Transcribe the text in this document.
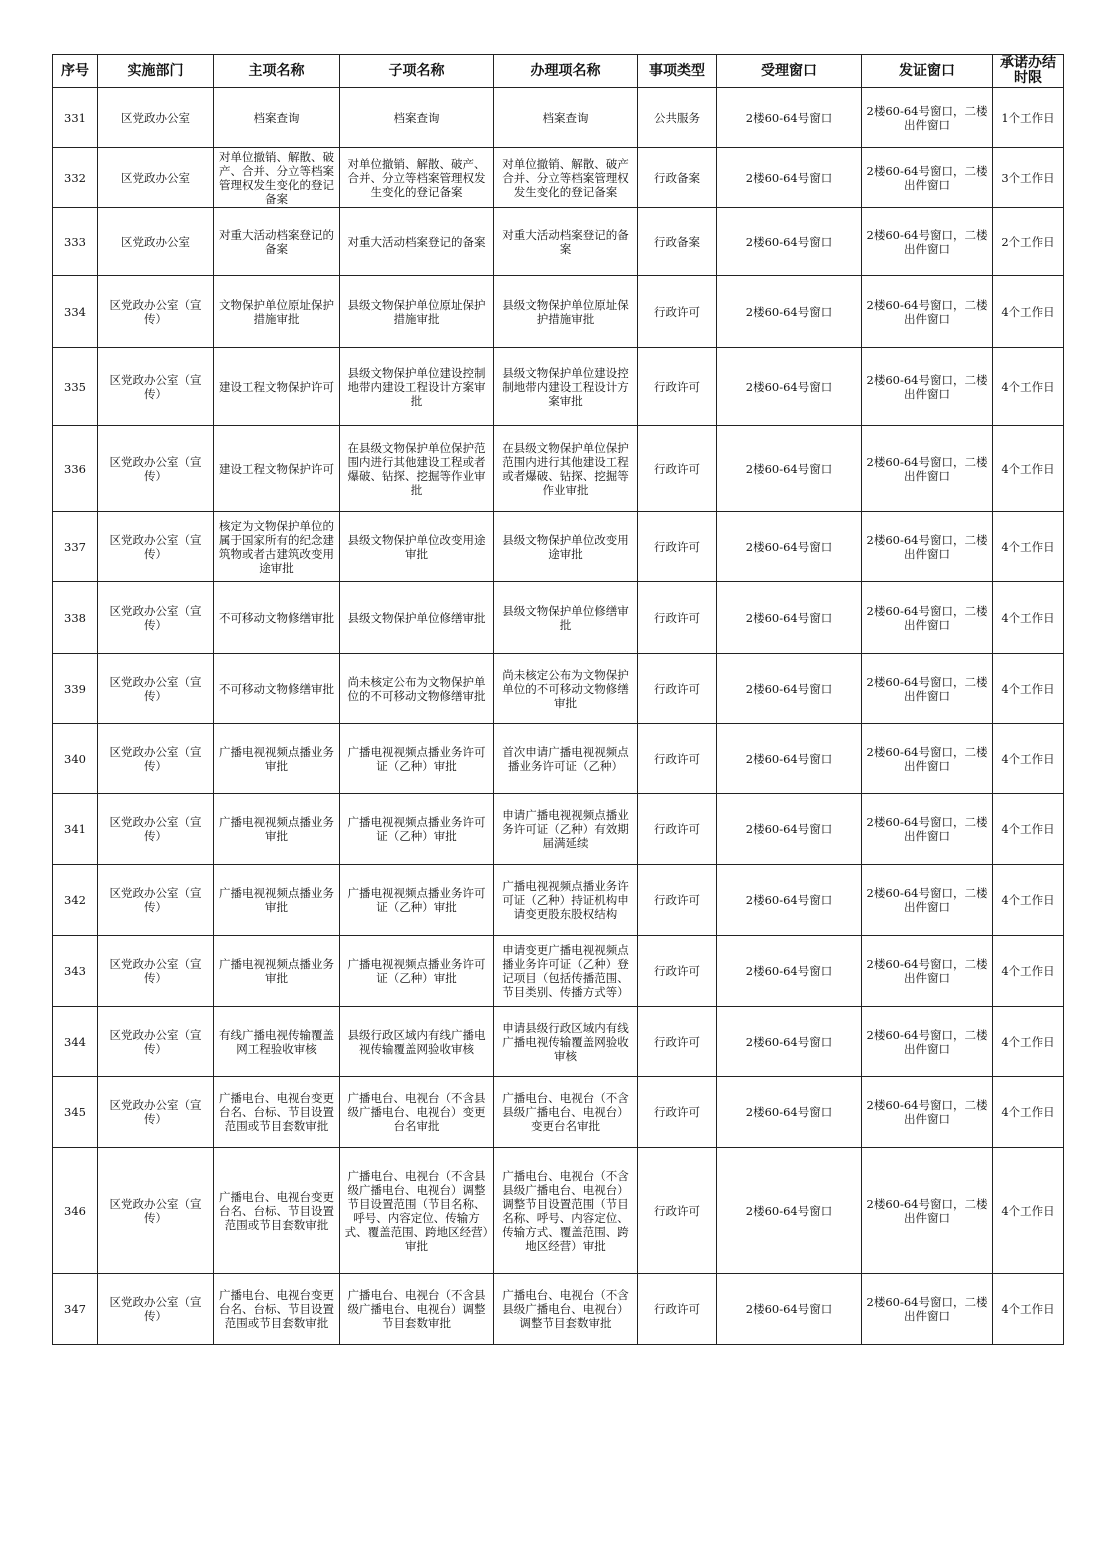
序号	实施部门	主项名称	子项名称	办理项名称	事项类型	受理窗口	发证窗口	承诺办结时限
331	区党政办公室	档案查询	档案查询	档案查询	公共服务	2楼60-64号窗口	2楼60-64号窗口，二楼出件窗口	1个工作日
332	区党政办公室	对单位撤销、解散、破产、合并、分立等档案管理权发生变化的登记备案	对单位撤销、解散、破产、合并、分立等档案管理权发生变化的登记备案	对单位撤销、解散、破产合并、分立等档案管理权发生变化的登记备案	行政备案	2楼60-64号窗口	2楼60-64号窗口，二楼出件窗口	3个工作日
333	区党政办公室	对重大活动档案登记的备案	对重大活动档案登记的备案	对重大活动档案登记的备案	行政备案	2楼60-64号窗口	2楼60-64号窗口，二楼出件窗口	2个工作日
334	区党政办公室（宣传）	文物保护单位原址保护措施审批	县级文物保护单位原址保护措施审批	县级文物保护单位原址保护措施审批	行政许可	2楼60-64号窗口	2楼60-64号窗口，二楼出件窗口	4个工作日
335	区党政办公室（宣传）	建设工程文物保护许可	县级文物保护单位建设控制地带内建设工程设计方案审批	县级文物保护单位建设控制地带内建设工程设计方案审批	行政许可	2楼60-64号窗口	2楼60-64号窗口，二楼出件窗口	4个工作日
336	区党政办公室（宣传）	建设工程文物保护许可	在县级文物保护单位保护范围内进行其他建设工程或者爆破、钻探、挖掘等作业审批	在县级文物保护单位保护范围内进行其他建设工程或者爆破、钻探、挖掘等作业审批	行政许可	2楼60-64号窗口	2楼60-64号窗口，二楼出件窗口	4个工作日
337	区党政办公室（宣传）	核定为文物保护单位的属于国家所有的纪念建筑物或者古建筑改变用途审批	县级文物保护单位改变用途审批	县级文物保护单位改变用途审批	行政许可	2楼60-64号窗口	2楼60-64号窗口，二楼出件窗口	4个工作日
338	区党政办公室（宣传）	不可移动文物修缮审批	县级文物保护单位修缮审批	县级文物保护单位修缮审批	行政许可	2楼60-64号窗口	2楼60-64号窗口，二楼出件窗口	4个工作日
339	区党政办公室（宣传）	不可移动文物修缮审批	尚未核定公布为文物保护单位的不可移动文物修缮审批	尚未核定公布为文物保护单位的不可移动文物修缮审批	行政许可	2楼60-64号窗口	2楼60-64号窗口，二楼出件窗口	4个工作日
340	区党政办公室（宣传）	广播电视视频点播业务审批	广播电视视频点播业务许可证（乙种）审批	首次申请广播电视视频点播业务许可证（乙种）	行政许可	2楼60-64号窗口	2楼60-64号窗口，二楼出件窗口	4个工作日
341	区党政办公室（宣传）	广播电视视频点播业务审批	广播电视视频点播业务许可证（乙种）审批	申请广播电视视频点播业务许可证（乙种）有效期届满延续	行政许可	2楼60-64号窗口	2楼60-64号窗口，二楼出件窗口	4个工作日
342	区党政办公室（宣传）	广播电视视频点播业务审批	广播电视视频点播业务许可证（乙种）审批	广播电视视频点播业务许可证（乙种）持证机构申请变更股东股权结构	行政许可	2楼60-64号窗口	2楼60-64号窗口，二楼出件窗口	4个工作日
343	区党政办公室（宣传）	广播电视视频点播业务审批	广播电视视频点播业务许可证（乙种）审批	申请变更广播电视视频点播业务许可证（乙种）登记项目（包括传播范围、节目类别、传播方式等）	行政许可	2楼60-64号窗口	2楼60-64号窗口，二楼出件窗口	4个工作日
344	区党政办公室（宣传）	有线广播电视传输覆盖网工程验收审核	县级行政区域内有线广播电视传输覆盖网验收审核	申请县级行政区域内有线广播电视传输覆盖网验收审核	行政许可	2楼60-64号窗口	2楼60-64号窗口，二楼出件窗口	4个工作日
345	区党政办公室（宣传）	广播电台、电视台变更台名、台标、节目设置范围或节目套数审批	广播电台、电视台（不含县级广播电台、电视台）变更台名审批	广播电台、电视台（不含县级广播电台、电视台）变更台名审批	行政许可	2楼60-64号窗口	2楼60-64号窗口，二楼出件窗口	4个工作日
346	区党政办公室（宣传）	广播电台、电视台变更台名、台标、节目设置范围或节目套数审批	广播电台、电视台（不含县级广播电台、电视台）调整节目设置范围（节目名称、呼号、内容定位、传输方式、覆盖范围、跨地区经营）审批	广播电台、电视台（不含县级广播电台、电视台）调整节目设置范围（节目名称、呼号、内容定位、传输方式、覆盖范围、跨地区经营）审批	行政许可	2楼60-64号窗口	2楼60-64号窗口，二楼出件窗口	4个工作日
347	区党政办公室（宣传）	广播电台、电视台变更台名、台标、节目设置范围或节目套数审批	广播电台、电视台（不含县级广播电台、电视台）调整节目套数审批	广播电台、电视台（不含县级广播电台、电视台）调整节目套数审批	行政许可	2楼60-64号窗口	2楼60-64号窗口，二楼出件窗口	4个工作日
